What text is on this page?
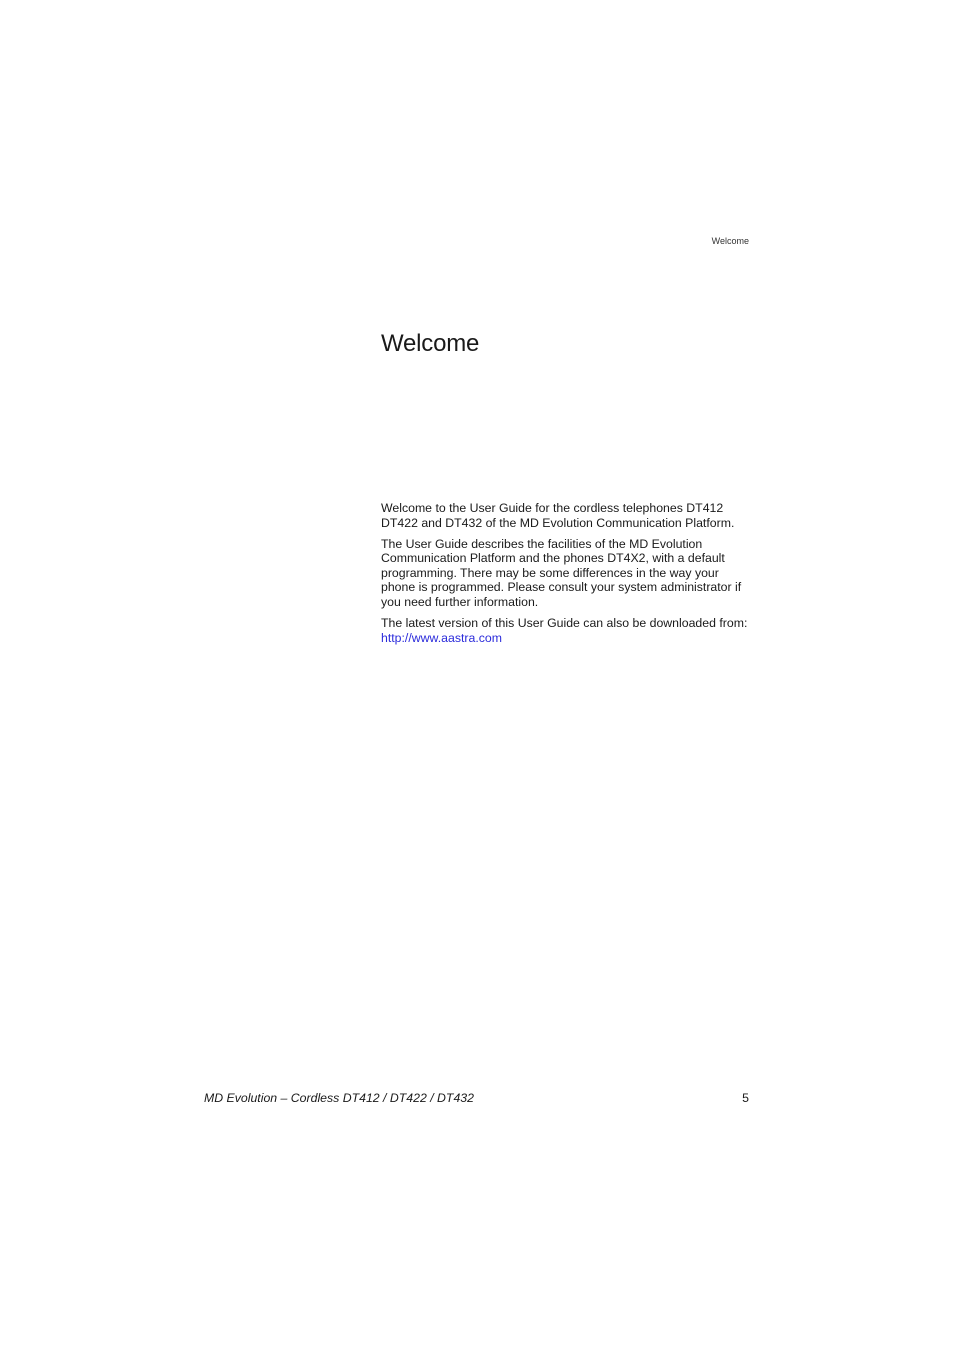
Welcome
Welcome

Welcome to the User Guide for the cordless telephones DT412 DT422 and DT432 of the MD Evolution Communication Platform.

The User Guide describes the facilities of the MD Evolution Communication Platform and the phones DT4X2, with a default programming. There may be some differences in the way your phone is programmed. Please consult your system administrator if you need further information.

The latest version of this User Guide can also be downloaded from:
http://www.aastra.com

MD Evolution – Cordless DT412 / DT422 / DT432	5
